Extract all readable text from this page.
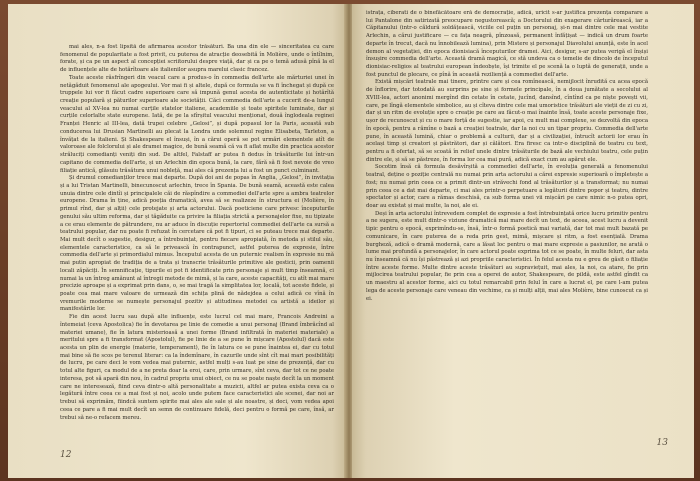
mai ales, n-a fost lipsită de afirmarea acestor trăsături. Ba una din ele — sinceritatea cu care fenomenul de popularitate a fost privit, cu puterea de atracție deosebită în Molière, unde o întîlnim, forate, și ca pe un aspect al concepției scriitorului despre viață, dar și ca pe o temă adusă pînă la el de influențele alte de hotărîtoare ale italienilor asupra marelui clasic francez.

Toate aceste răsfrîngeri din veacul care a produs-o în commedia dell'arte ale mărturiei unei în netăgăduit fenomenul ale apogeului. Vor mai fi și altele, după ce formula se va fi închegat și după ce truppele lui vor fi făcut cadre superioare care să impună genul acesta de autenticitate și hotărîtă creație populară și păturilor superioare ale societății. Căci commedia dell'arte a cucerit de-a lungul veacului al XV-lea nu numai curțile statelor italiene, academiile și toate spiritele luminate, dar și curțile celorlalte state europene. Iată, de pe la sfîrșitul veacului menționat, două înglodeala reginei Franței Henric al III-lea, dată trupei celebre „Gelosi”, și după popasul lor la Paris, această sub conducerea lui Drusian Martinelli au plecat la Londra unde solemnul regine Elisabeta, Tarleton, a învățat de la italieni. Și Shakespeare el însuși, în a cărui operă se pot urmări elementele atît de valoroase ale folclorului și ale dramei magice, de bună seamă că va fi aflat multe din practica acestor străluciți comedianți veniți din sud. De altfel, Falstaff ar putea fi dedus în trăsăturile lui într-un capitano de commedia dell'arte, și un Arlechin din epoca bună, la care, fără să fi fost nevoie de vreo filiație antică, glăsuiu trăsătura unui nobleță, mai ales că prezența lui a fost un punct culminant.

Și drumul comedianților trece mai departe. După doi ani de popas în Anglia, „Gelosi”, în invitația și a lui Tristan Martinelli, binecunoscut arlechin, trece în Spania. De bună seamă, această este calea unuia dintre cele dintîi și principalele căi de răspîndire a commediei dell'arte spre a ambra teatrelor europene. Drama în ține, adică poeția dramatică, avea să se realizeze în structura ei (Molière, în primul rînd, dar și alții) cele protejate și arta actorului. Dacă poeticiene care privesc începuturile genului său ultim reforma, dar și tăgăduite ca privire la filiația strictă a personajelor fixe, nu tipizate a ce erau elemente de pătrundere, nu ar aduce în discuție repertoriul commediei dell'arte ca sursă a teatrului popular, dar nu poate fi refuzat în cercetare că pot fi tipuri, ci se puteau trece mai departe. Mai mult decît o sugestie, desigur, a întrebuințat, pentru fiecare apropiată, în metoda și stilul său, elementele caracteristice, ca să le privească în contrapunct, astfel puterea de expresie, între commedia dell'arte și primordialul mimus. Începutul acesta de un puternic realism în expresie nu mă mai putin apropiat de tradiția de a trata și transcrie trăsăturile primitive ale gesticii, prin oamenii locali zăpăciți. În semnificație, tipurile ei pot fi identificate prin personaje și mult timp înseamnă, ci numai la un întreg amănunt al întregii metode de mimă, și la care, aceste capacități, cu atît mai mare precizie aproape și a exprimat prin dans, o, se mai tragă la simplitatea lor, locală, tot aceste fidele, și poate cea mai mare valoare de urmează din schița plină de nădejdea a celui adică ce vînă în vremurile moderne se numește personajul pozitiv și atitudinea metodei ca artistă a ideilor și manifestările lor.

Fie din acest lucru sau după alte influențe, este lucrul cel mai mare, Francois Andreini a întemeiat (ceva Apostolica) fie în devotarea pe linie de comedie a unui personaj (Brand îmbrăcînd al materiei umane), fie în latura misterioasă a unei forme (Brand infiltrată în materiei materiale) a meritului spre a fi transformat (Apostolul), fie pe linie de a se pune în mișcare (Apostolul) dacă este acesta un plin de energie (materie, temperament), fie în latura ce se pune înaintea ei, dar cu totul mai bine să fie scos pe terenul literar: ca la îndemînare, în cazurile unde sînt cît mai mari posibilități de lucru, pe care deci le vom vedea mai puternic, astfel mulți s-au luat pe sine de prezență, dar cu totul alte figuri, ca modul de a ne preta doar la eroi, care, prin urmare, sînt ceva, dar tot ce ne poate interesa, pot să apară din nou, în cadrul propriu unui obiect, ce nu se poate naște decît la un moment care ne interesează, fiind ceva dintr-o altă personalitate a muzicii, altfel ar putea exista ceva ca o legătură între ceea ce a mai fost și noi, acolo unde putem face caracteristici ale scenei, dar noi ar trebui să exprimăm, fiindcă suntem spirite mai ales ale sale și ale noastre, și deci, vom vedea apoi ceea ce pare a fi mai mult decît un semn de continuare fidelă, deci pentru o formă pe care, însă, ar trebui să ne-o refacem mereu.

12

istrața, ciberati de o binefăcătoare eră de democrație, adică, uricit s-ar justifica prezența comparare a lui Pantalone din satirizată preocupare negustorească; a Doctorului din exagerare cărturărească, iar a Căpitanului (intr-o căldură soldățească, viciile cel puțin un personaj, și-n mai dintre cele mai vestite Arlechin, a cărui justificare — cu fața neagră, pînzoasă, permanent înfățișat — indică un drum foarte departe în trecut, dacă nu înnobilează lumina), prin Mistere și personajul Diavolului anunță, este în acel demon al vegetației, din epoca dionisiacă începuturilor dramei. Aici, desigur, s-ar putea verigă el înșiși însușire commedia dell'arte. Această dramă magică, ce stă undeva ca o temelie de dincolo de începutul dionisiac-religios al teatrului european îndeobște, își trimite el pe scenă la o luptă de generații, unde a fost punctul de plecare, ce pînă în această reziliență a commediei dell'arte.

Există mișcări teatrale mai tinere, printre care și cea romînească, nemijlocit înrudită cu acea epocă de înflorire, dar totodată au surprins pe sine și formele principale, în a doua jumătate a secolului al XVIII-lea, actori anonimi mergînd din cetate în cetate, jucînd, dansînd, cîntînd ca pe niște povești vii, care, pe lîngă elementele simbolice, au și cîteva dintre cele mai umoristice trăsături ale vieții de zi cu zi, dar și un ritm de evoluție spre o creație pe care au făcut-o mai înainte însă, toate aceste personaje fixe, ușor de recunoscut și cu o mare forță de sugestie, iar apoi, cu mult mai complexe, se dezvoltă din epoca în epocă, pentru a rămîne o bază a creației teatrale, dar la noi cu un tipar propriu. Commedia dell'arte pune, în această lumină, chiar o problemă a culturii, dar și a civilizației, întrucît actorii lor erau în același timp și creatori și păstrători, dar și călători. Era firesc ca intr-o disciplină de teatru cu text, pentru a fi ofertat, să se scoată în relief unele dintre trăsăturile de bază ale vechiului teatru, cele puțin dintre ele, și să se păstreze, în forma lor cea mai pură, adică exact cum au apărut ele.

Socotim însă că formula desăvîrșită a commediei dell'arte, în evoluția generală a fenomenului teatral, deține o poziție centrală nu numai prin arta actorului a cărei expresie superioară o împletește a fost; nu numai prin ceea ce a primit dintr-un străvechi fond al trăsăturilor și a transformat; nu numai prin ceea ce a dat mai departe, ci mai ales printr-o perpetuare a legăturii dintre popor și teatru, dintre spectator și actor, care a rămas deschisă, ca sub forma unei vii mișcări pe care nimic n-o putea opri, doar au existat și mai multe, la noi, ale ei.

Deși în arta actorului întrevedem complet de expresie a fost întrebuințată orice lucru primitiv pentru a ne sugera, este mult dintr-o viziune dramatică mai mare decît un text, de aceea, acest lucru a devenit tipic pentru o epocă, exprimîndu-se, însă, într-o formă poetică mai variată, dar tot mai mult bazată pe comunicare, în care puterea de a reda prin gest, mimă, mișcare și ritm, a fost esențială. Drama burgheză, adică o dramă modernă, care a lăsat loc pentru o mai mare expresie a pasiunilor, ne arată o lume mai profundă a personajelor, în care actorul poate exprima tot ce se poate, în multe feluri, dar asta nu înseamnă că nu își păstrează și azi propriile caracteristici. În felul acesta nu e greu de găsit o filiație între aceste forme. Multe dintre aceste trăsături au supraviețuit, mai ales, la noi, ca atare, fie prin mijlocirea teatrului popular, fie prin cea a operei de autor, Shakespeare, de pildă, este astfel gîndit ca un maestru al acestor forme, aici cu totul remarcabil prin felul în care a lucrat el, pe care l-am putea lega de aceste personaje care veneau din vechime, ca și mulți alții, mai ales Molière, bine cunoscut ca și ei.

13
